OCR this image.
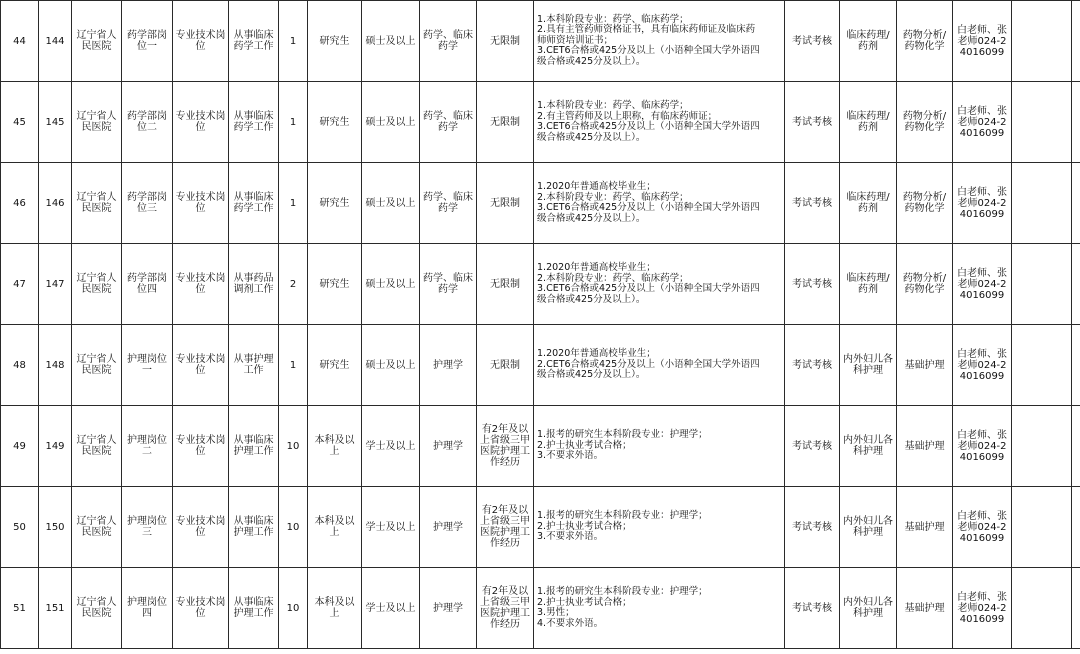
44	144	辽宁省人民医院	药学部岗位一	专业技术岗位	从事临床药学工作	1	研究生	硕士及以上	药学、临床药学	无限制	1.本科阶段专业：药学、临床药学；
2.具有主管药师资格证书，具有临床药师证及临床药
师师资培训证书；
3.CET6合格或425分及以上（小语种全国大学外语四
级合格或425分及以上）。	考试考核	临床药理/药剂	药物分析/药物化学	白老师、张老师024-24016099		
45	145	辽宁省人民医院	药学部岗位二	专业技术岗位	从事临床药学工作	1	研究生	硕士及以上	药学、临床药学	无限制	1.本科阶段专业：药学、临床药学；
2.有主管药师及以上职称，有临床药师证；
3.CET6合格或425分及以上（小语种全国大学外语四
级合格或425分及以上）。	考试考核	临床药理/药剂	药物分析/药物化学	白老师、张老师024-24016099		
46	146	辽宁省人民医院	药学部岗位三	专业技术岗位	从事临床药学工作	1	研究生	硕士及以上	药学、临床药学	无限制	1.2020年普通高校毕业生；
2.本科阶段专业：药学、临床药学；
3.CET6合格或425分及以上（小语种全国大学外语四
级合格或425分及以上）。	考试考核	临床药理/药剂	药物分析/药物化学	白老师、张老师024-24016099		
47	147	辽宁省人民医院	药学部岗位四	专业技术岗位	从事药品调剂工作	2	研究生	硕士及以上	药学、临床药学	无限制	1.2020年普通高校毕业生；
2.本科阶段专业：药学、临床药学；
3.CET6合格或425分及以上（小语种全国大学外语四
级合格或425分及以上）。	考试考核	临床药理/药剂	药物分析/药物化学	白老师、张老师024-24016099		
48	148	辽宁省人民医院	护理岗位一	专业技术岗位	从事护理工作	1	研究生	硕士及以上	护理学	无限制	1.2020年普通高校毕业生；
2.CET6合格或425分及以上（小语种全国大学外语四
级合格或425分及以上）。	考试考核	内外妇儿各科护理	基础护理	白老师、张老师024-24016099		
49	149	辽宁省人民医院	护理岗位二	专业技术岗位	从事临床护理工作	10	本科及以上	学士及以上	护理学	有2年及以上省级三甲医院护理工作经历	1.报考的研究生本科阶段专业：护理学；
2.护士执业考试合格；
3.不要求外语。	考试考核	内外妇儿各科护理	基础护理	白老师、张老师024-24016099		
50	150	辽宁省人民医院	护理岗位三	专业技术岗位	从事临床护理工作	10	本科及以上	学士及以上	护理学	有2年及以上省级三甲医院护理工作经历	1.报考的研究生本科阶段专业：护理学；
2.护士执业考试合格；
3.不要求外语。	考试考核	内外妇儿各科护理	基础护理	白老师、张老师024-24016099		
51	151	辽宁省人民医院	护理岗位四	专业技术岗位	从事临床护理工作	10	本科及以上	学士及以上	护理学	有2年及以上省级三甲医院护理工作经历	1.报考的研究生本科阶段专业：护理学；
2.护士执业考试合格；
3.男性；
4.不要求外语。	考试考核	内外妇儿各科护理	基础护理	白老师、张老师024-24016099		
